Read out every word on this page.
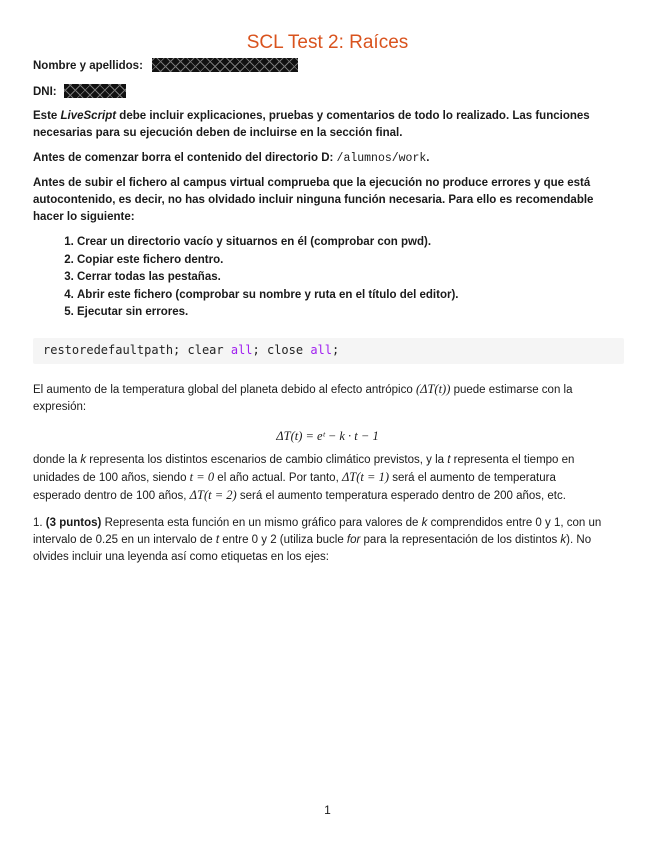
SCL Test 2: Raíces
Nombre y apellidos:
DNI:
Este LiveScript debe incluir explicaciones, pruebas y comentarios de todo lo realizado. Las funciones
necesarias para su ejecución deben de incluirse en la sección final.
Antes de comenzar borra el contenido del directorio D: /alumnos/work.
Antes de subir el fichero al campus virtual comprueba que la ejecución no produce errores y que está
autocontenido, es decir, no has olvidado incluir ninguna función necesaria. Para ello es recomendable
hacer lo siguiente:
1. Crear un directorio vacío y situarnos en él (comprobar con pwd).
2. Copiar este fichero dentro.
3. Cerrar todas las pestañas.
4. Abrir este fichero (comprobar su nombre y ruta en el título del editor).
5. Ejecutar sin errores.
restoredefaultpath; clear all; close all;
El aumento de la temperatura global del planeta debido al efecto antrópico (ΔT(t)) puede estimarse con la
expresión:
ΔT(t) = eᵗ − k · t − 1
donde la k representa los distintos escenarios de cambio climático previstos, y la t representa el tiempo en
unidades de 100 años, siendo t = 0 el año actual. Por tanto, ΔT(t = 1) será el aumento de temperatura
esperado dentro de 100 años, ΔT(t = 2) será el aumento temperatura esperado dentro de 200 años, etc.
1. (3 puntos) Representa esta función en un mismo gráfico para valores de k comprendidos entre 0 y 1, con un
intervalo de 0.25 en un intervalo de t entre 0 y 2 (utiliza bucle for para la representación de los distintos k). No
olvides incluir una leyenda así como etiquetas en los ejes:
1
